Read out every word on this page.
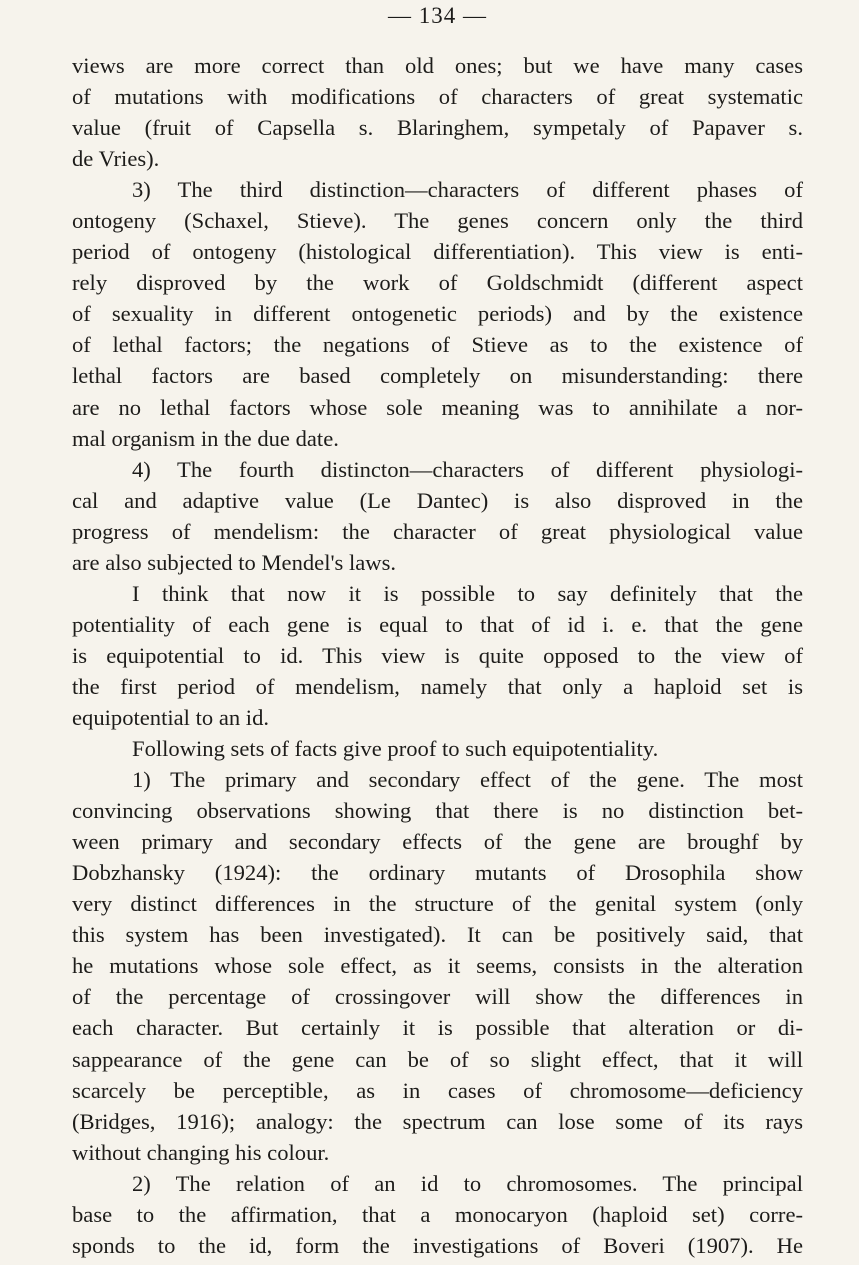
— 134 —
views are more correct than old ones; but we have many cases
of mutations with modifications of characters of great systematic
value (fruit of Capsella s. Blaringhem, sympetaly of Papaver s.
de Vries).
3) The third distinction—characters of different phases of
ontogeny (Schaxel, Stieve). The genes concern only the third
period of ontogeny (histological differentiation). This view is enti-
rely disproved by the work of Goldschmidt (different aspect
of sexuality in different ontogenetic periods) and by the existence
of lethal factors; the negations of Stieve as to the existence of
lethal factors are based completely on misunderstanding: there
are no lethal factors whose sole meaning was to annihilate a nor-
mal organism in the due date.
4) The fourth distincton—characters of different physiologi-
cal and adaptive value (Le Dantec) is also disproved in the
progress of mendelism: the character of great physiological value
are also subjected to Mendel's laws.
I think that now it is possible to say definitely that the
potentiality of each gene is equal to that of id i. e. that the gene
is equipotential to id. This view is quite opposed to the view of
the first period of mendelism, namely that only a haploid set is
equipotential to an id.
Following sets of facts give proof to such equipotentiality.
1) The primary and secondary effect of the gene. The most
convincing observations showing that there is no distinction bet-
ween primary and secondary effects of the gene are broughf by
Dobzhansky (1924): the ordinary mutants of Drosophila show
very distinct differences in the structure of the genital system (only
this system has been investigated). It can be positively said, that
he mutations whose sole effect, as it seems, consists in the alteration
of the percentage of crossingover will show the differences in
each character. But certainly it is possible that alteration or di-
sappearance of the gene can be of so slight effect, that it will
scarcely be perceptible, as in cases of chromosome—deficiency
(Bridges, 1916); analogy: the spectrum can lose some of its rays
without changing his colour.
2) The relation of an id to chromosomes. The principal
base to the affirmation, that a monocaryon (haploid set) corre-
sponds to the id, form the investigations of Boveri (1907). He
